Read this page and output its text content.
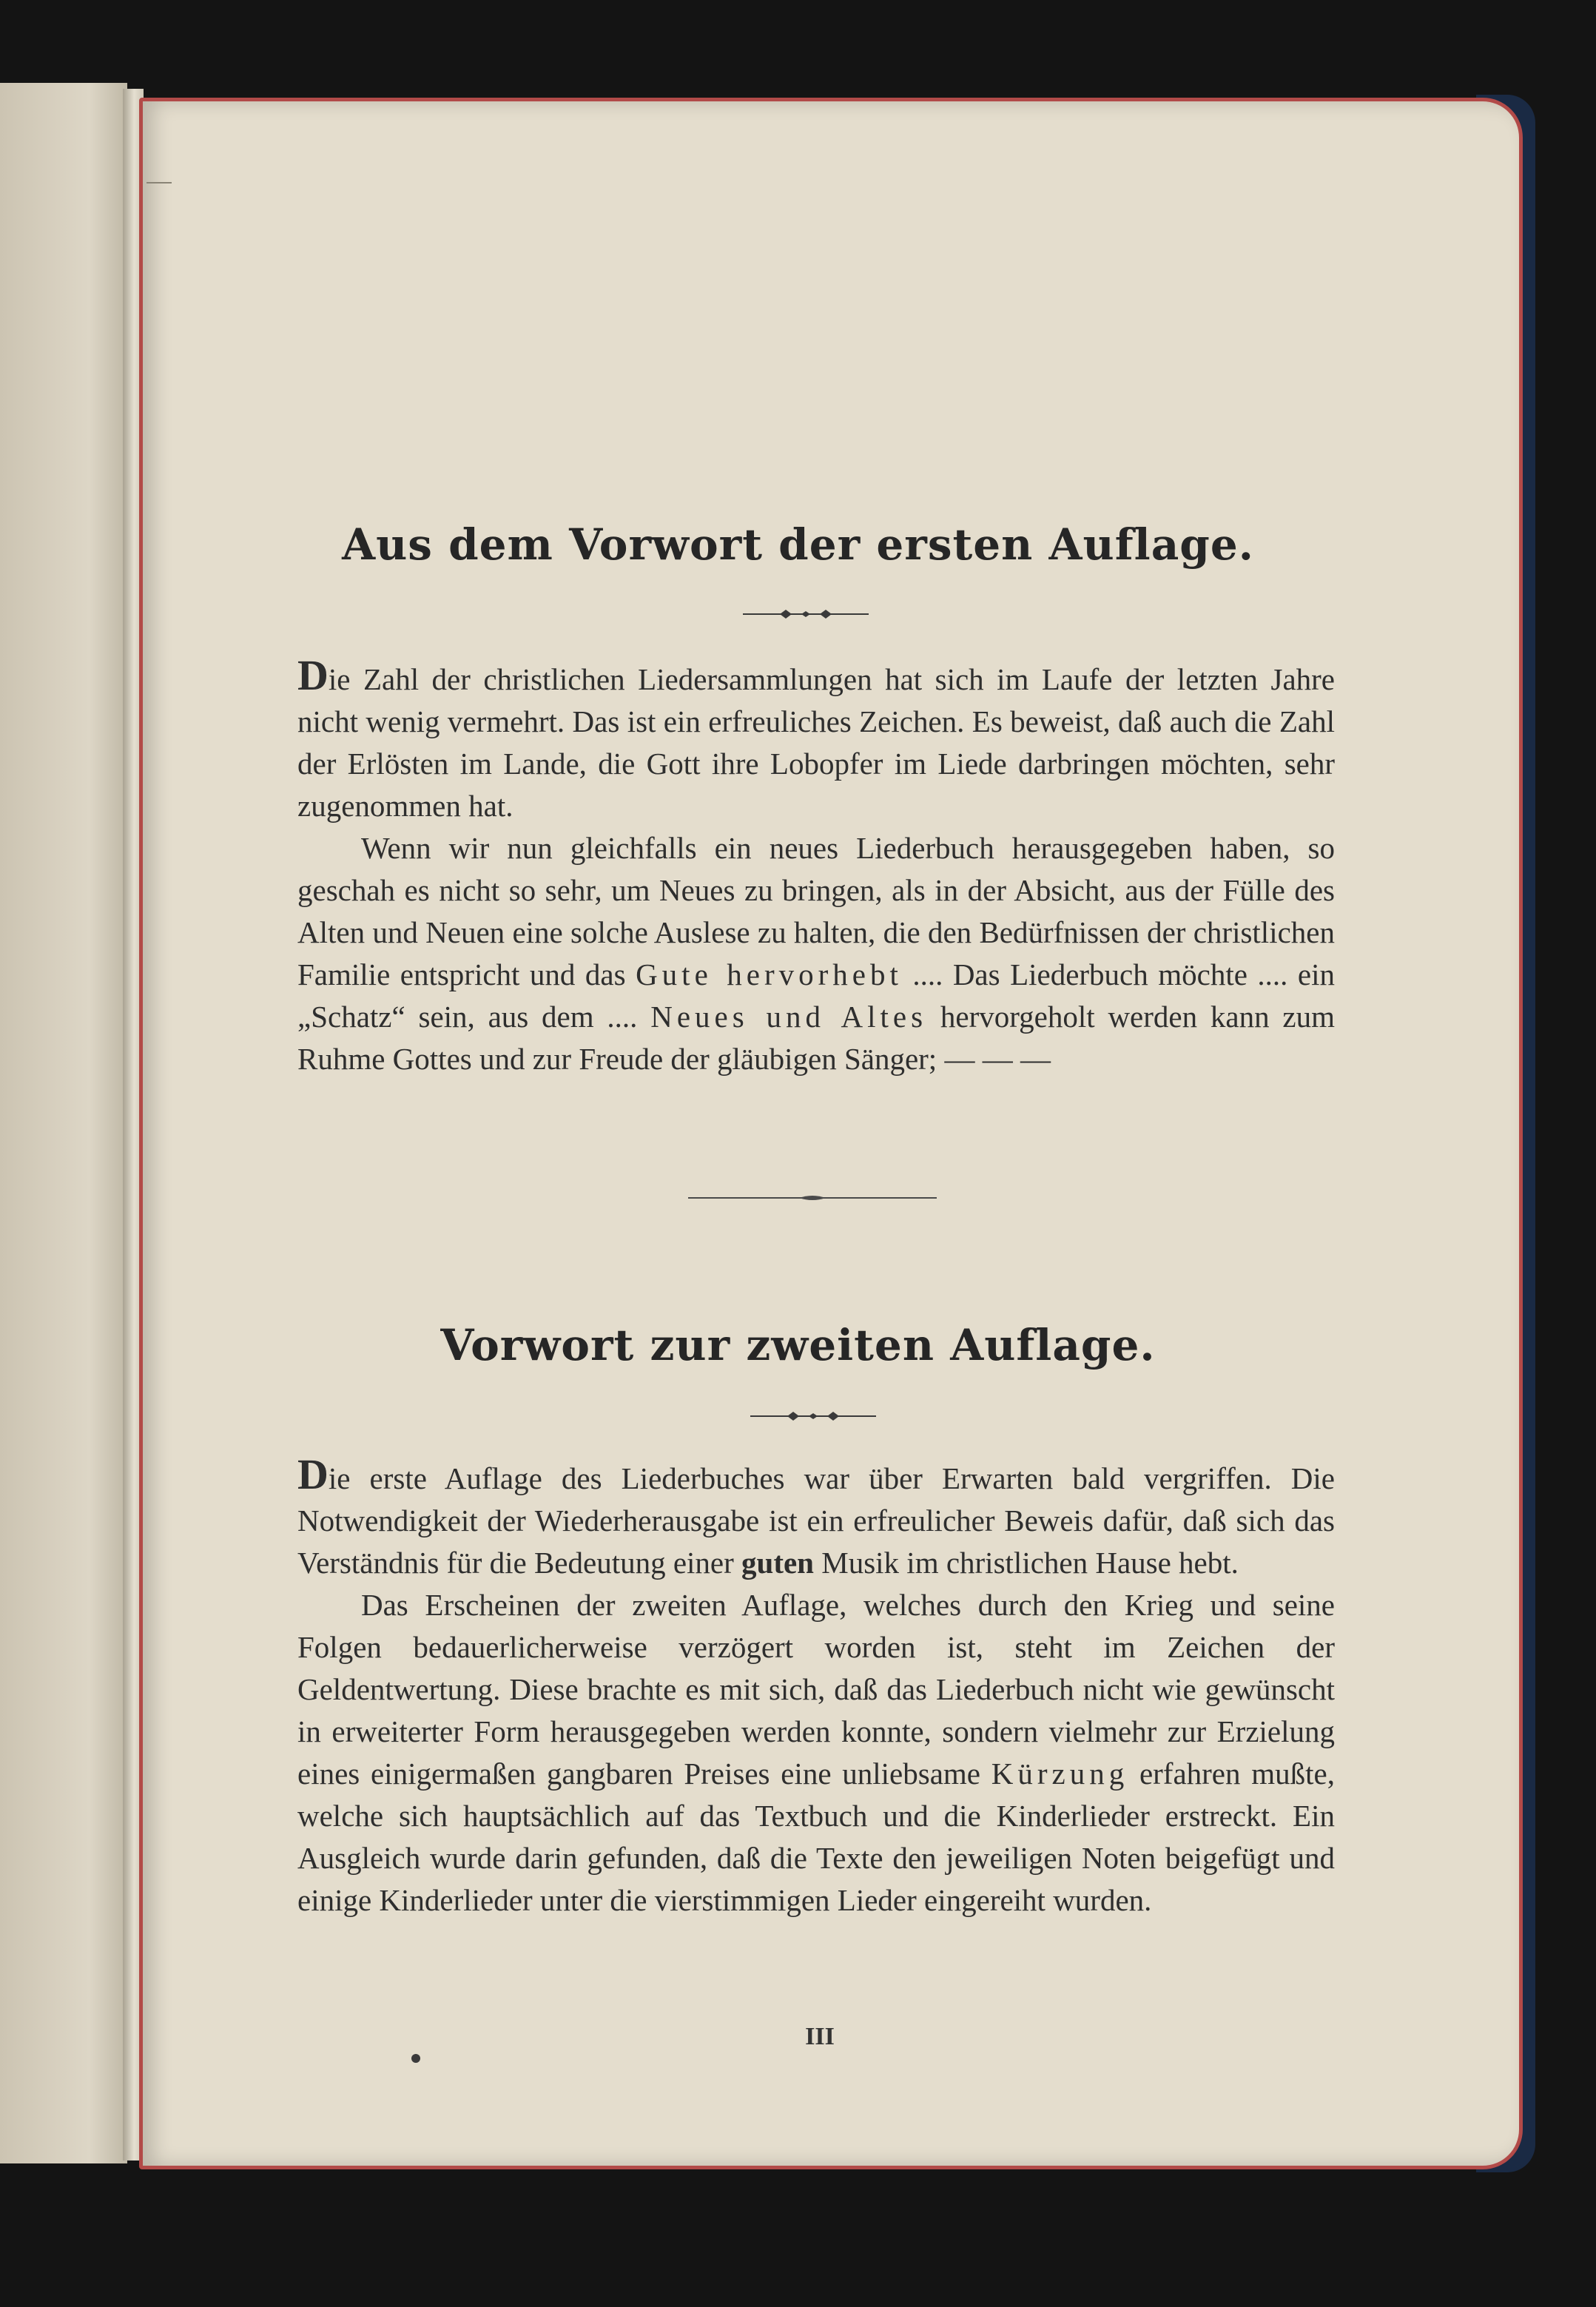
Aus dem Vorwort der ersten Auflage.

Die Zahl der christlichen Liedersammlungen hat sich im Laufe der letzten Jahre nicht wenig vermehrt. Das ist ein erfreuliches Zeichen. Es beweist, daß auch die Zahl der Erlösten im Lande, die Gott ihre Lobopfer im Liede darbringen möchten, sehr zugenommen hat.

Wenn wir nun gleichfalls ein neues Liederbuch herausgegeben haben, so geschah es nicht so sehr, um Neues zu bringen, als in der Absicht, aus der Fülle des Alten und Neuen eine solche Auslese zu halten, die den Bedürfnissen der christlichen Familie entspricht und das Gute hervorhebt .... Das Liederbuch möchte .... ein „Schatz“ sein, aus dem .... Neues und Altes hervorgeholt werden kann zum Ruhme Gottes und zur Freude der gläubigen Sänger; — — —

Vorwort zur zweiten Auflage.

Die erste Auflage des Liederbuches war über Erwarten bald vergriffen. Die Notwendigkeit der Wiederherausgabe ist ein erfreulicher Beweis dafür, daß sich das Verständnis für die Bedeutung einer guten Musik im christlichen Hause hebt.

Das Erscheinen der zweiten Auflage, welches durch den Krieg und seine Folgen bedauerlicherweise verzögert worden ist, steht im Zeichen der Geldentwertung. Diese brachte es mit sich, daß das Liederbuch nicht wie gewünscht in erweiterter Form herausgegeben werden konnte, sondern vielmehr zur Erzielung eines einigermaßen gangbaren Preises eine unliebsame Kürzung erfahren mußte, welche sich hauptsächlich auf das Textbuch und die Kinderlieder erstreckt. Ein Ausgleich wurde darin gefunden, daß die Texte den jeweiligen Noten beigefügt und einige Kinderlieder unter die vierstimmigen Lieder eingereiht wurden.

III
